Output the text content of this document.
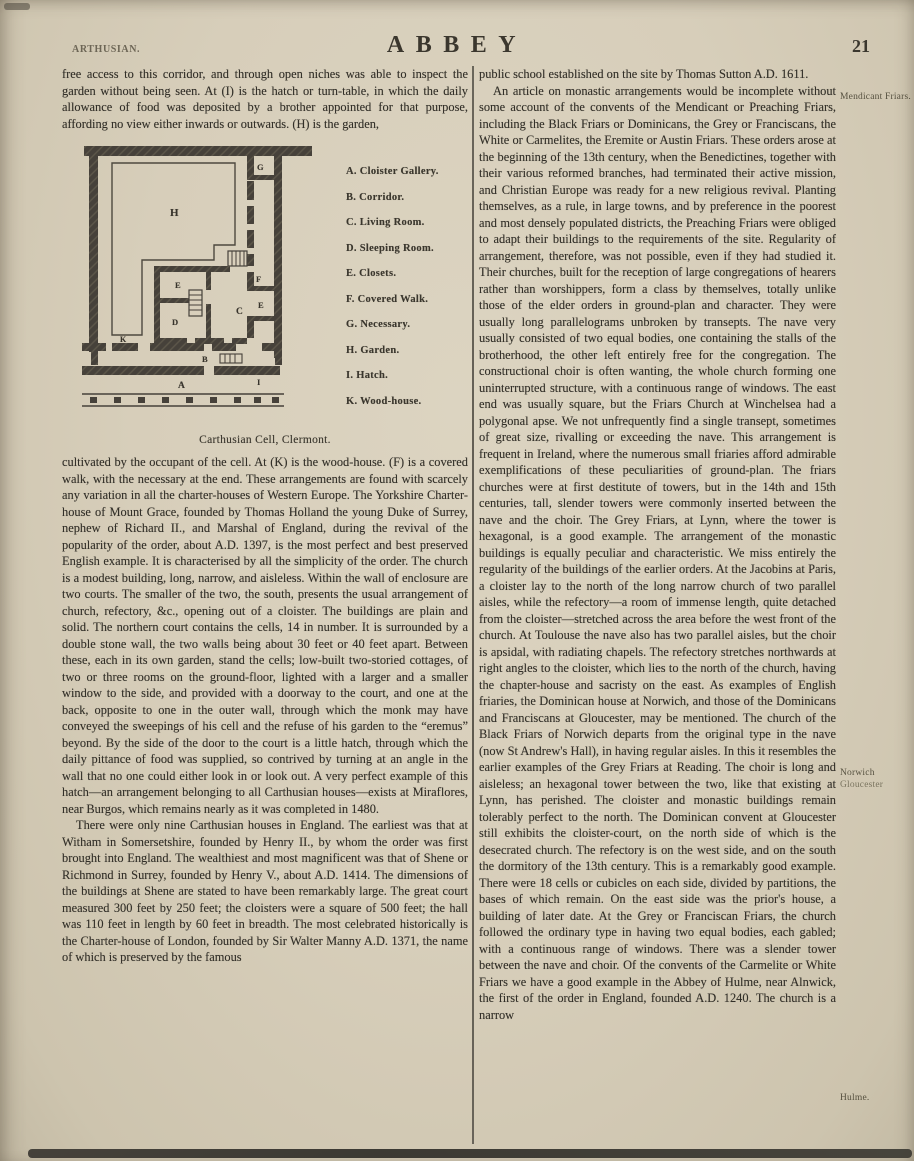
ARTHUSIAN.	ABBEY	21

free access to this corridor, and through open niches was able to inspect the garden without being seen. At (I) is the hatch or turn-table, in which the daily allowance of food was deposited by a brother appointed for that purpose, affording no view either inwards or outwards. (H) is the garden,

H
G
F
E
E
D
C
K
B
A	I
A. Cloister Gallery.
B. Corridor.
C. Living Room.
D. Sleeping Room.
E. Closets.
F. Covered Walk.
G. Necessary.
H. Garden.
I. Hatch.
K. Wood-house.
Carthusian Cell, Clermont.

cultivated by the occupant of the cell. At (K) is the wood-house. (F) is a covered walk, with the necessary at the end. These arrangements are found with scarcely any variation in all the charter-houses of Western Europe. The Yorkshire Charter-house of Mount Grace, founded by Thomas Holland the young Duke of Surrey, nephew of Richard II., and Marshal of England, during the revival of the popularity of the order, about A.D. 1397, is the most perfect and best preserved English example. It is characterised by all the simplicity of the order. The church is a modest building, long, narrow, and aisleless. Within the wall of enclosure are two courts. The smaller of the two, the south, presents the usual arrangement of church, refectory, &c., opening out of a cloister. The buildings are plain and solid. The northern court contains the cells, 14 in number. It is surrounded by a double stone wall, the two walls being about 30 feet or 40 feet apart. Between these, each in its own garden, stand the cells; low-built two-storied cottages, of two or three rooms on the ground-floor, lighted with a larger and a smaller window to the side, and provided with a doorway to the court, and one at the back, opposite to one in the outer wall, through which the monk may have conveyed the sweepings of his cell and the refuse of his garden to the “eremus” beyond. By the side of the door to the court is a little hatch, through which the daily pittance of food was supplied, so contrived by turning at an angle in the wall that no one could either look in or look out. A very perfect example of this hatch—an arrangement belonging to all Carthusian houses—exists at Miraflores, near Burgos, which remains nearly as it was completed in 1480.

There were only nine Carthusian houses in England. The earliest was that at Witham in Somersetshire, founded by Henry II., by whom the order was first brought into England. The wealthiest and most magnificent was that of Shene or Richmond in Surrey, founded by Henry V., about A.D. 1414. The dimensions of the buildings at Shene are stated to have been remarkably large. The great court measured 300 feet by 250 feet; the cloisters were a square of 500 feet; the hall was 110 feet in length by 60 feet in breadth. The most celebrated historically is the Charter-house of London, founded by Sir Walter Manny A.D. 1371, the name of which is preserved by the famous

public school established on the site by Thomas Sutton A.D. 1611.

An article on monastic arrangements would be incomplete without some account of the convents of the Mendicant or Preaching Friars, including the Black Friars or Dominicans, the Grey or Franciscans, the White or Carmelites, the Eremite or Austin Friars. These orders arose at the beginning of the 13th century, when the Benedictines, together with their various reformed branches, had terminated their active mission, and Christian Europe was ready for a new religious revival. Planting themselves, as a rule, in large towns, and by preference in the poorest and most densely populated districts, the Preaching Friars were obliged to adapt their buildings to the requirements of the site. Regularity of arrangement, therefore, was not possible, even if they had studied it. Their churches, built for the reception of large congregations of hearers rather than worshippers, form a class by themselves, totally unlike those of the elder orders in ground-plan and character. They were usually long parallelograms unbroken by transepts. The nave very usually consisted of two equal bodies, one containing the stalls of the brotherhood, the other left entirely free for the congregation. The constructional choir is often wanting, the whole church forming one uninterrupted structure, with a continuous range of windows. The east end was usually square, but the Friars Church at Winchelsea had a polygonal apse. We not unfrequently find a single transept, sometimes of great size, rivalling or exceeding the nave. This arrangement is frequent in Ireland, where the numerous small friaries afford admirable exemplifications of these peculiarities of ground-plan. The friars churches were at first destitute of towers, but in the 14th and 15th centuries, tall, slender towers were commonly inserted between the nave and the choir. The Grey Friars, at Lynn, where the tower is hexagonal, is a good example. The arrangement of the monastic buildings is equally peculiar and characteristic. We miss entirely the regularity of the buildings of the earlier orders. At the Jacobins at Paris, a cloister lay to the north of the long narrow church of two parallel aisles, while the refectory—a room of immense length, quite detached from the cloister—stretched across the area before the west front of the church. At Toulouse the nave also has two parallel aisles, but the choir is apsidal, with radiating chapels. The refectory stretches northwards at right angles to the cloister, which lies to the north of the church, having the chapter-house and sacristy on the east. As examples of English friaries, the Dominican house at Norwich, and those of the Dominicans and Franciscans at Gloucester, may be mentioned. The church of the Black Friars of Norwich departs from the original type in the nave (now St Andrew's Hall), in having regular aisles. In this it resembles the earlier examples of the Grey Friars at Reading. The choir is long and aisleless; an hexagonal tower between the two, like that existing at Lynn, has perished. The cloister and monastic buildings remain tolerably perfect to the north. The Dominican convent at Gloucester still exhibits the cloister-court, on the north side of which is the desecrated church. The refectory is on the west side, and on the south the dormitory of the 13th century. This is a remarkably good example. There were 18 cells or cubicles on each side, divided by partitions, the bases of which remain. On the east side was the prior's house, a building of later date. At the Grey or Franciscan Friars, the church followed the ordinary type in having two equal bodies, each gabled; with a continuous range of windows. There was a slender tower between the nave and choir. Of the convents of the Carmelite or White Friars we have a good example in the Abbey of Hulme, near Alnwick, the first of the order in England, founded A.D. 1240. The church is a narrow

Mendicant Friars.
Norwich
Gloucester
Hulme.
